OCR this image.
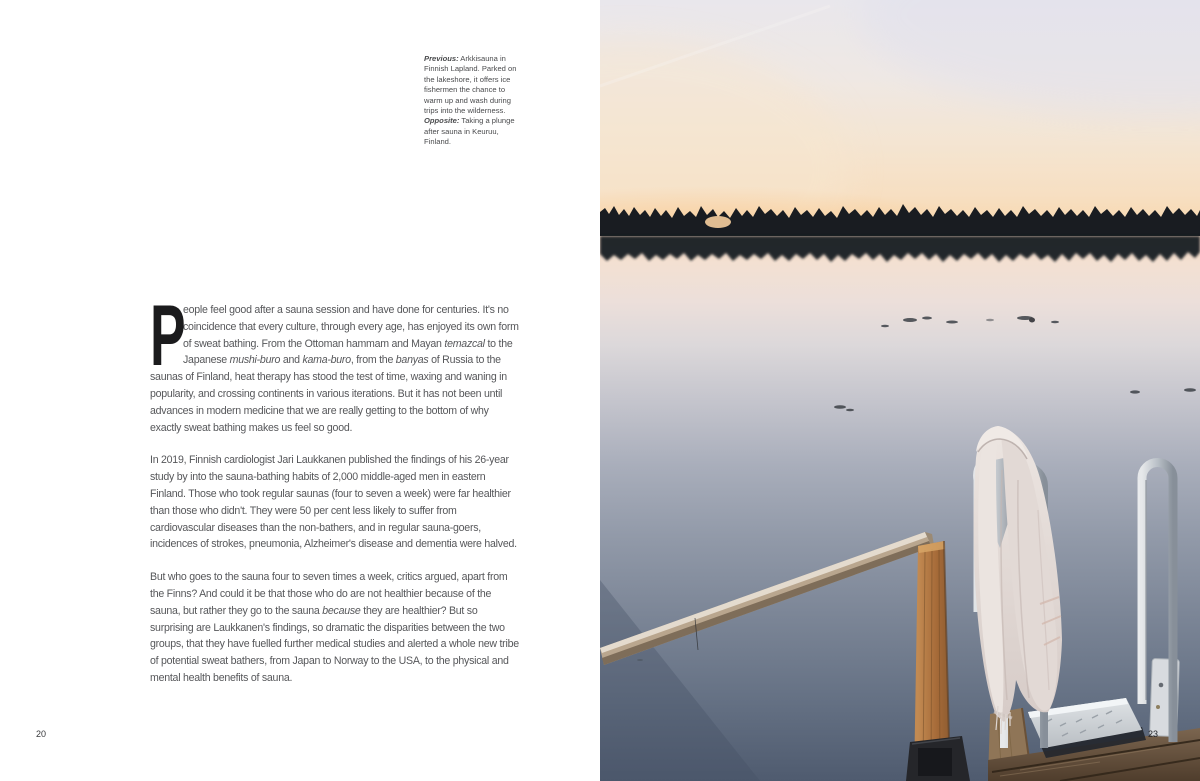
Previous: Arkkisauna in Finnish Lapland. Parked on the lakeshore, it offers ice fishermen the chance to warm up and wash during trips into the wilderness. Opposite: Taking a plunge after sauna in Keuruu, Finland.

P
eople feel good after a sauna session and have done for centuries. It's no coincidence that every culture, through every age, has enjoyed its own form of sweat bathing. From the Ottoman hammam and Mayan temazcal to the Japanese mushi-buro and kama-buro, from the banyas of Russia to the saunas of Finland, heat therapy has stood the test of time, waxing and waning in popularity, and crossing continents in various iterations. But it has not been until advances in modern medicine that we are really getting to the bottom of why exactly sweat bathing makes us feel so good.

In 2019, Finnish cardiologist Jari Laukkanen published the findings of his 26-year study by into the sauna-bathing habits of 2,000 middle-aged men in eastern Finland. Those who took regular saunas (four to seven a week) were far healthier than those who didn't. They were 50 per cent less likely to suffer from cardiovascular diseases than the non-bathers, and in regular sauna-goers, incidences of strokes, pneumonia, Alzheimer's disease and dementia were halved.

But who goes to the sauna four to seven times a week, critics argued, apart from the Finns? And could it be that those who do are not healthier because of the sauna, but rather they go to the sauna because they are healthier? But so surprising are Laukkanen's findings, so dramatic the disparities between the two groups, that they have fuelled further medical studies and alerted a whole new tribe of potential sweat bathers, from Japan to Norway to the USA, to the physical and mental health benefits of sauna.

20	23
